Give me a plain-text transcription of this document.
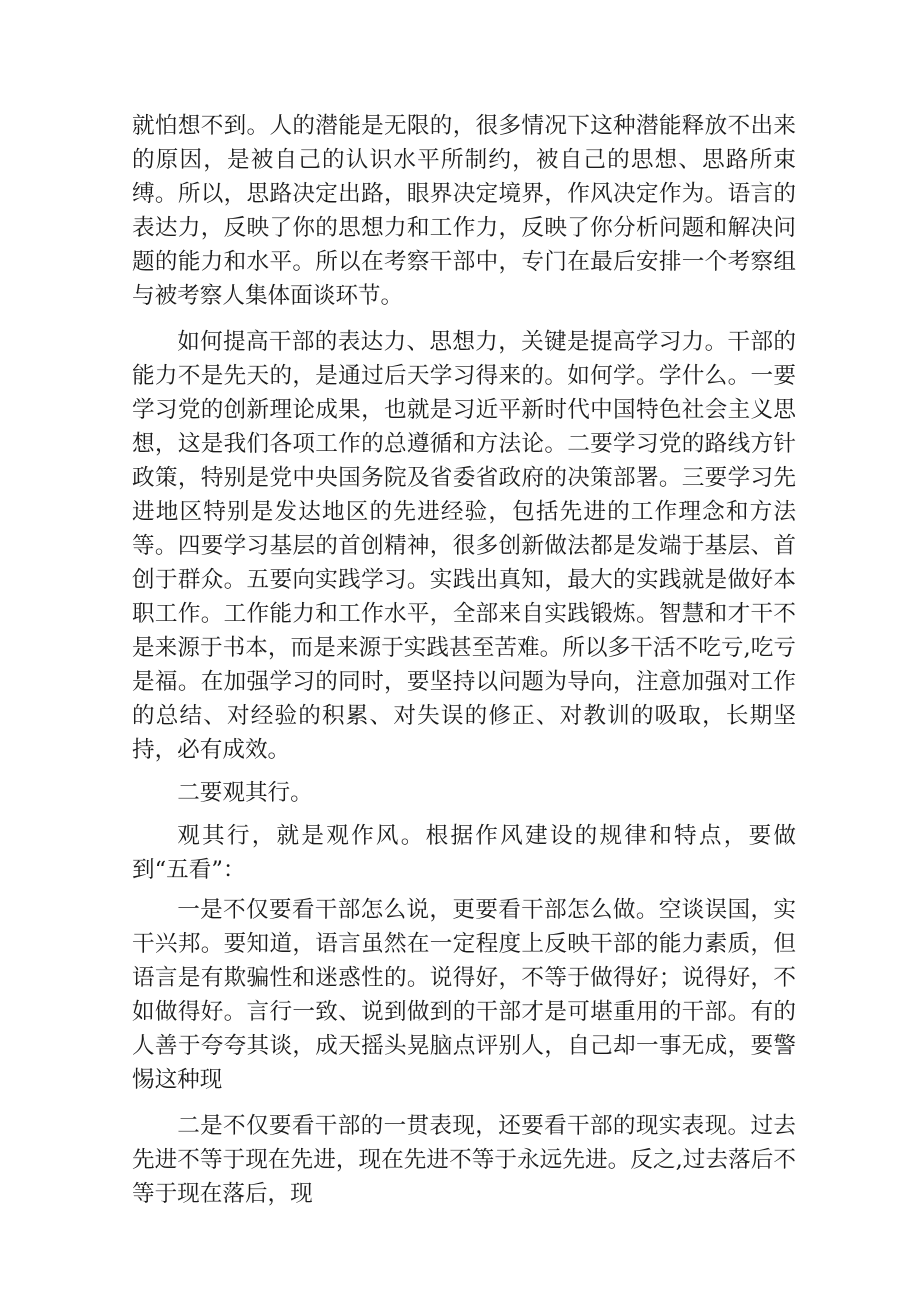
就怕想不到。人的潜能是无限的，很多情况下这种潜能释放不出来的原因，是被自己的认识水平所制约，被自己的思想、思路所束缚。所以，思路决定出路，眼界决定境界，作风决定作为。语言的表达力，反映了你的思想力和工作力，反映了你分析问题和解决问题的能力和水平。所以在考察干部中，专门在最后安排一个考察组与被考察人集体面谈环节。

如何提高干部的表达力、思想力，关键是提高学习力。干部的能力不是先天的，是通过后天学习得来的。如何学。学什么。一要学习党的创新理论成果，也就是习近平新时代中国特色社会主义思想，这是我们各项工作的总遵循和方法论。二要学习党的路线方针政策，特别是党中央国务院及省委省政府的决策部署。三要学习先进地区特别是发达地区的先进经验，包括先进的工作理念和方法等。四要学习基层的首创精神，很多创新做法都是发端于基层、首创于群众。五要向实践学习。实践出真知，最大的实践就是做好本职工作。工作能力和工作水平，全部来自实践锻炼。智慧和才干不是来源于书本，而是来源于实践甚至苦难。所以多干活不吃亏,吃亏是福。在加强学习的同时，要坚持以问题为导向，注意加强对工作的总结、对经验的积累、对失误的修正、对教训的吸取，长期坚持，必有成效。

二要观其行。

观其行，就是观作风。根据作风建设的规律和特点，要做到“五看”：

一是不仅要看干部怎么说，更要看干部怎么做。空谈误国，实干兴邦。要知道，语言虽然在一定程度上反映干部的能力素质，但语言是有欺骗性和迷惑性的。说得好，不等于做得好；说得好，不如做得好。言行一致、说到做到的干部才是可堪重用的干部。有的人善于夸夸其谈，成天摇头晃脑点评别人，自己却一事无成，要警惕这种现

二是不仅要看干部的一贯表现，还要看干部的现实表现。过去先进不等于现在先进，现在先进不等于永远先进。反之,过去落后不等于现在落后，现
